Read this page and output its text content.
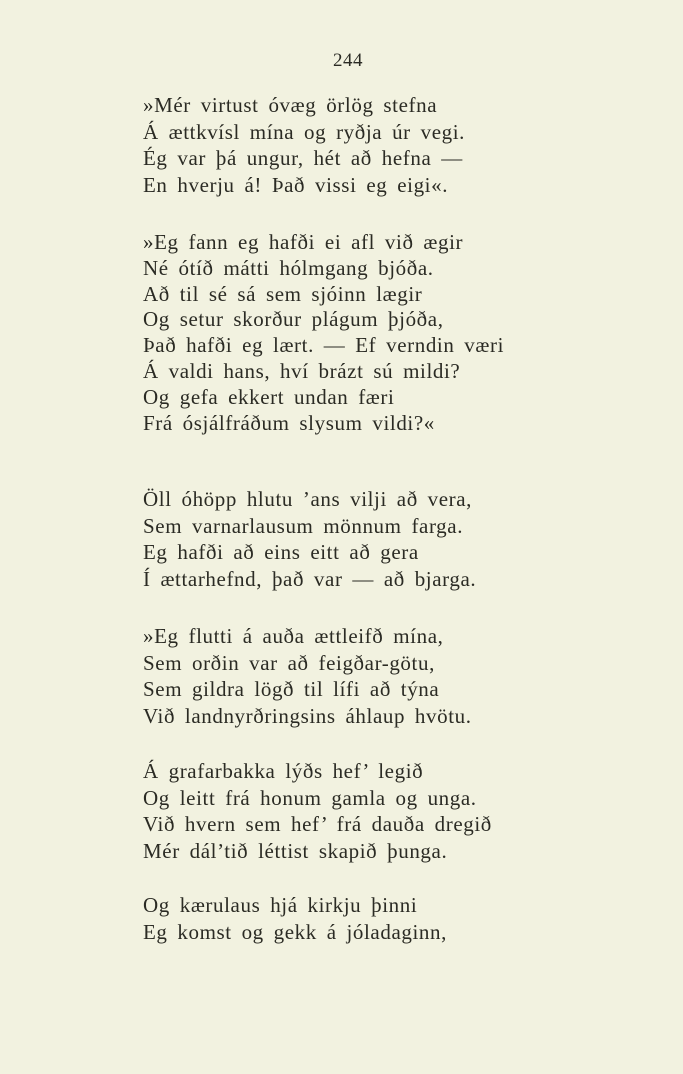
244
»Mér virtust óvæg örlög stefna
Á ættkvísl mína og ryðja úr vegi.
Ég var þá ungur, hét að hefna —
En hverju á! Það vissi eg eigi«.
»Eg fann eg hafði ei afl við ægir
Né ótíð mátti hólmgang bjóða.
Að til sé sá sem sjóinn lægir
Og setur skorður plágum þjóða,
Það hafði eg lært. — Ef verndin væri
Á valdi hans, hví brázt sú mildi?
Og gefa ekkert undan færi
Frá ósjálfráðum slysum vildi?«
Öll óhöpp hlutu ’ans vilji að vera,
Sem varnarlausum mönnum farga.
Eg hafði að eins eitt að gera
Í ættarhefnd, það var — að bjarga.
»Eg flutti á auða ættleifð mína,
Sem orðin var að feigðar-götu,
Sem gildra lögð til lífi að týna
Við landnyrðringsins áhlaup hvötu.
Á grafarbakka lýðs hef’ legið
Og leitt frá honum gamla og unga.
Við hvern sem hef’ frá dauða dregið
Mér dál’tið léttist skapið þunga.
Og kærulaus hjá kirkju þinni
Eg komst og gekk á jóladaginn,
